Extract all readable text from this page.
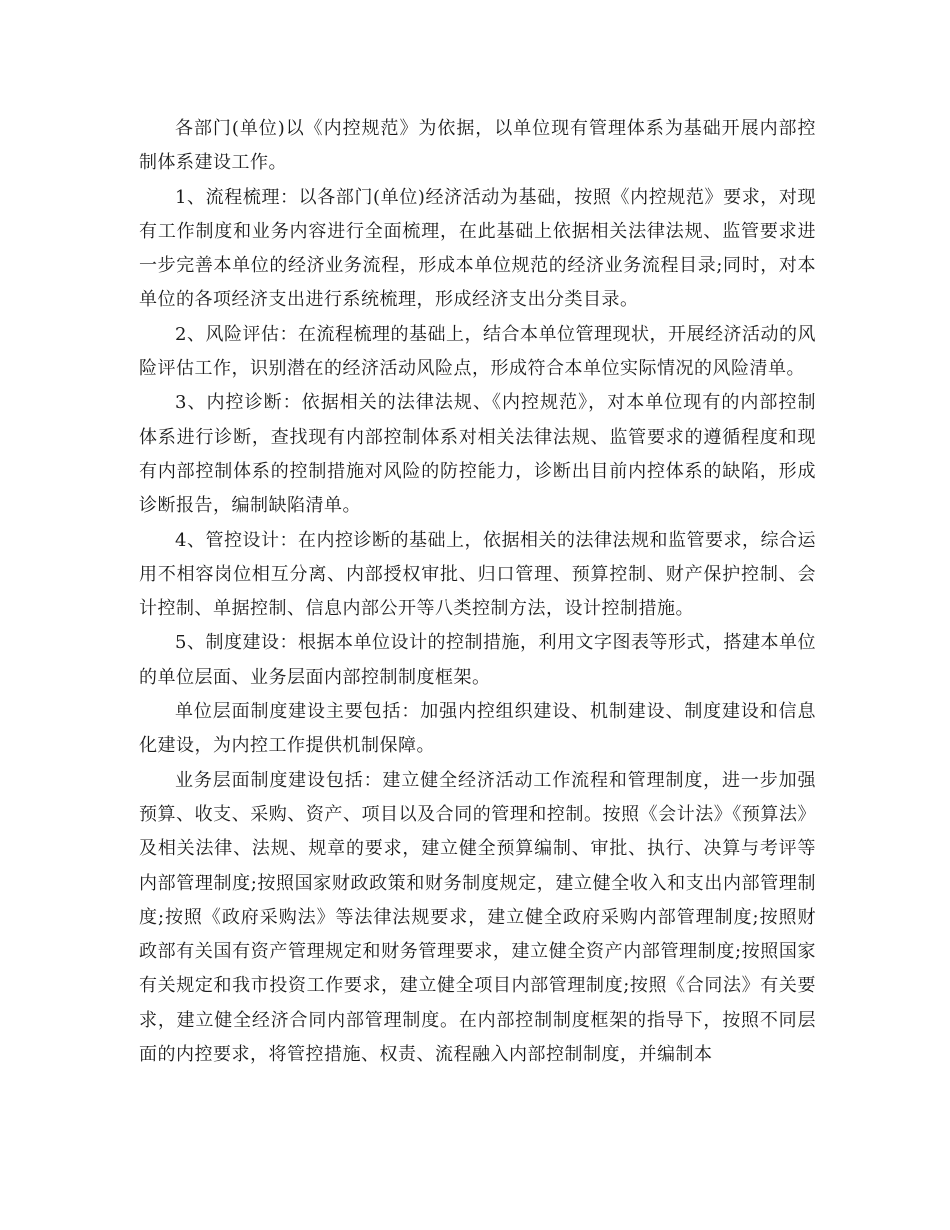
各部门(单位)以《内控规范》为依据，以单位现有管理体系为基础开展内部控制体系建设工作。

1、流程梳理：以各部门(单位)经济活动为基础，按照《内控规范》要求，对现有工作制度和业务内容进行全面梳理，在此基础上依据相关法律法规、监管要求进一步完善本单位的经济业务流程，形成本单位规范的经济业务流程目录;同时，对本单位的各项经济支出进行系统梳理，形成经济支出分类目录。

2、风险评估：在流程梳理的基础上，结合本单位管理现状，开展经济活动的风险评估工作，识别潜在的经济活动风险点，形成符合本单位实际情况的风险清单。

3、内控诊断：依据相关的法律法规、《内控规范》，对本单位现有的内部控制体系进行诊断，查找现有内部控制体系对相关法律法规、监管要求的遵循程度和现有内部控制体系的控制措施对风险的防控能力，诊断出目前内控体系的缺陷，形成诊断报告，编制缺陷清单。

4、管控设计：在内控诊断的基础上，依据相关的法律法规和监管要求，综合运用不相容岗位相互分离、内部授权审批、归口管理、预算控制、财产保护控制、会计控制、单据控制、信息内部公开等八类控制方法，设计控制措施。

5、制度建设：根据本单位设计的控制措施，利用文字图表等形式，搭建本单位的单位层面、业务层面内部控制制度框架。

单位层面制度建设主要包括：加强内控组织建设、机制建设、制度建设和信息化建设，为内控工作提供机制保障。

业务层面制度建设包括：建立健全经济活动工作流程和管理制度，进一步加强预算、收支、采购、资产、项目以及合同的管理和控制。按照《会计法》《预算法》及相关法律、法规、规章的要求，建立健全预算编制、审批、执行、决算与考评等内部管理制度;按照国家财政政策和财务制度规定，建立健全收入和支出内部管理制度;按照《政府采购法》等法律法规要求，建立健全政府采购内部管理制度;按照财政部有关国有资产管理规定和财务管理要求，建立健全资产内部管理制度;按照国家有关规定和我市投资工作要求，建立健全项目内部管理制度;按照《合同法》有关要求，建立健全经济合同内部管理制度。在内部控制制度框架的指导下，按照不同层面的内控要求，将管控措施、权责、流程融入内部控制制度，并编制本
